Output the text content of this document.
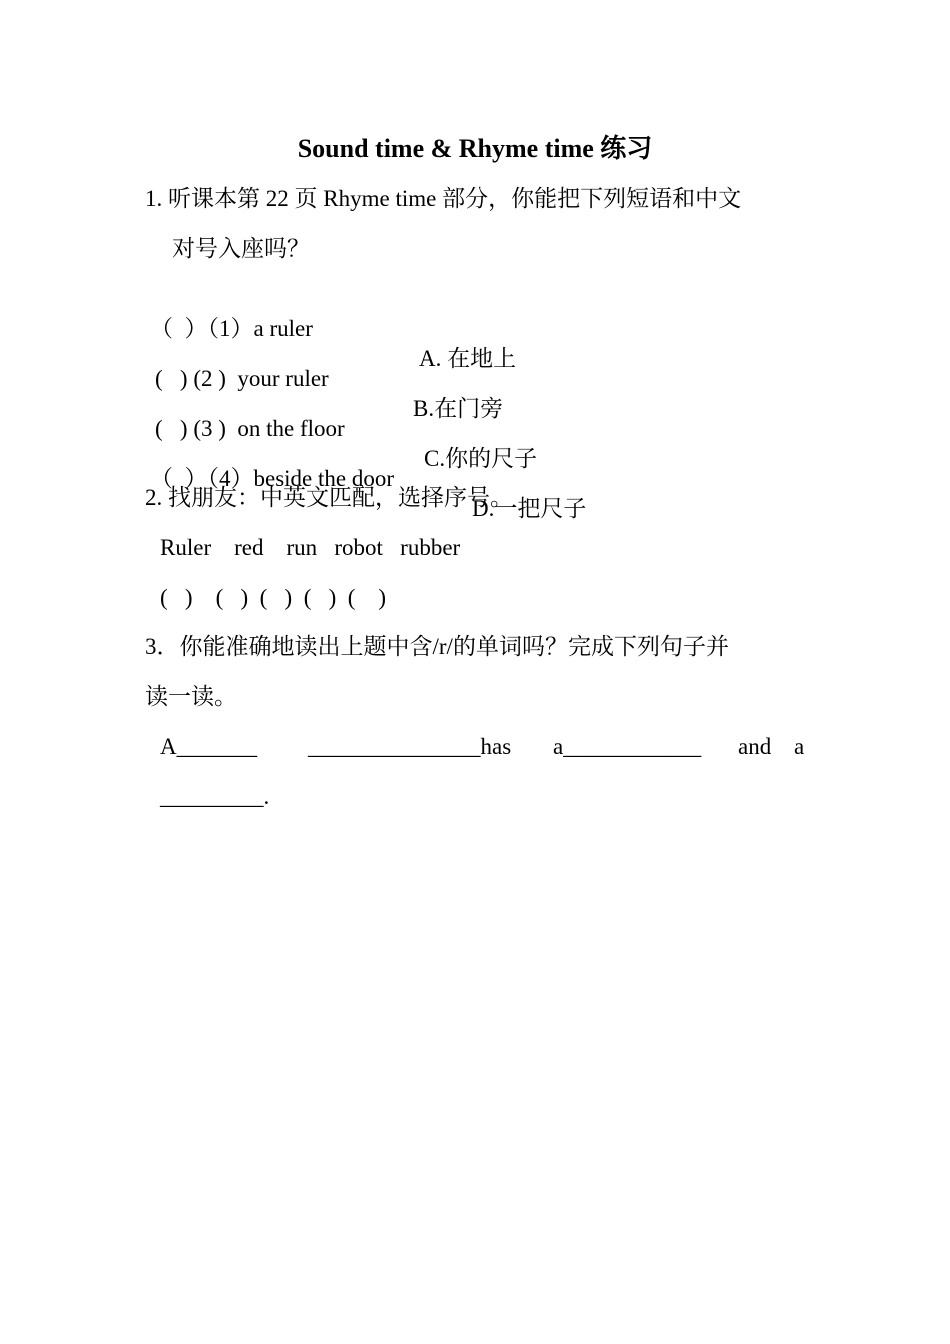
Sound time & Rhyme time 练习
1. 听课本第 22 页 Rhyme time 部分，你能把下列短语和中文
对号入座吗？

（  ）（1）a ruler

A. 在地上

(   ) (2 )  your ruler

B.在门旁

(   ) (3 )  on the floor

C.你的尺子

（  ）（4）beside the door

D.一把尺子

2. 找朋友：中英文匹配，选择序号。
Ruler    red    run   robot   rubber
(   )    (   )  (   )  (   )  (    )
3．你能准确地读出上题中含/r/的单词吗？完成下列句子并
读一读。

A_______

_______________has

a____________

and

a

_________.
